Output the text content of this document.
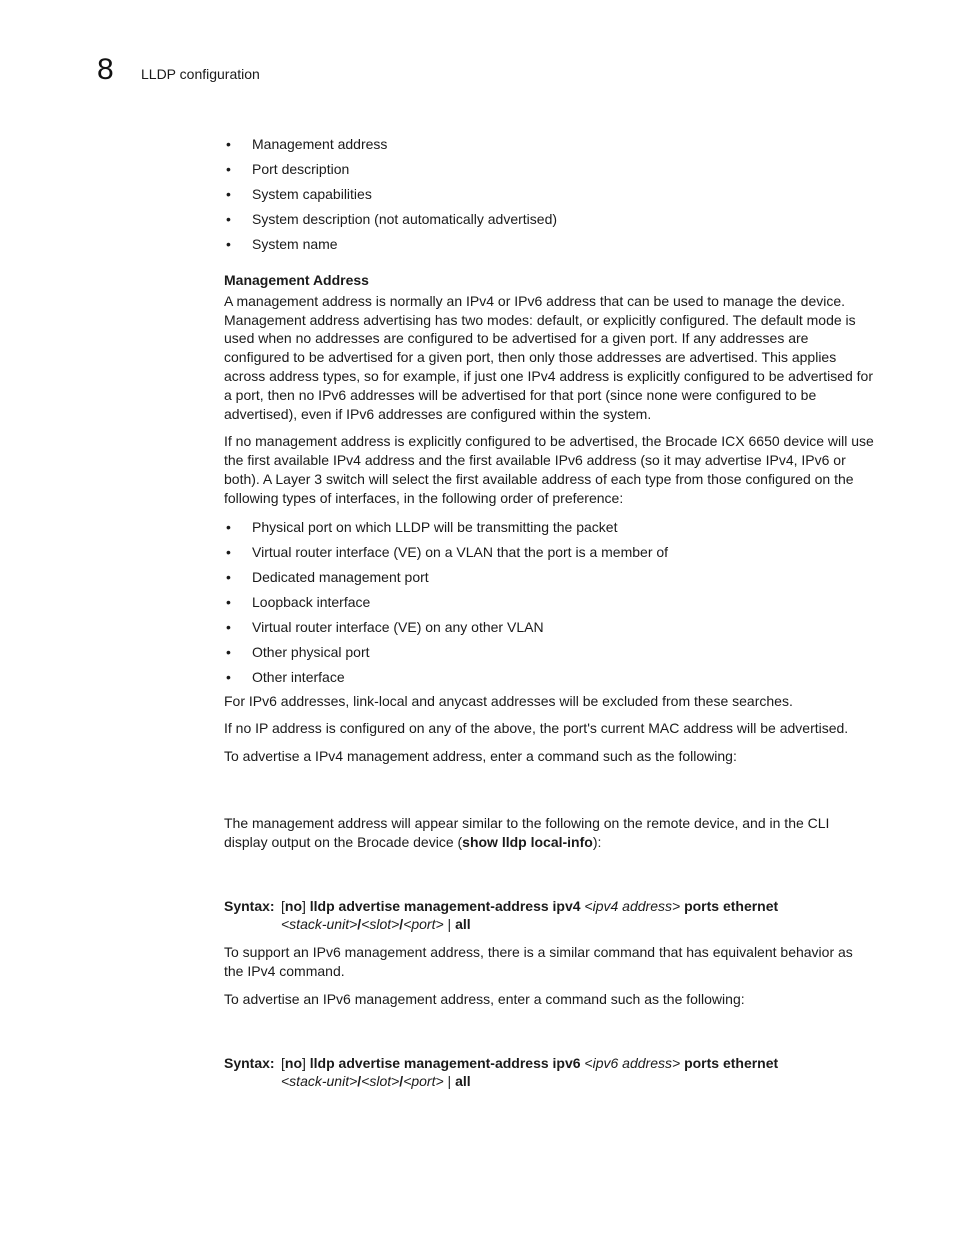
8 LLDP configuration
• Management address
• Port description
• System capabilities
• System description (not automatically advertised)
• System name
Management Address

A management address is normally an IPv4 or IPv6 address that can be used to manage the device. Management address advertising has two modes: default, or explicitly configured. The default mode is used when no addresses are configured to be advertised for a given port. If any addresses are configured to be advertised for a given port, then only those addresses are advertised. This applies across address types, so for example, if just one IPv4 address is explicitly configured to be advertised for a port, then no IPv6 addresses will be advertised for that port (since none were configured to be advertised), even if IPv6 addresses are configured within the system.

If no management address is explicitly configured to be advertised, the Brocade ICX 6650 device will use the first available IPv4 address and the first available IPv6 address (so it may advertise IPv4, IPv6 or both). A Layer 3 switch will select the first available address of each type from those configured on the following types of interfaces, in the following order of preference:

• Physical port on which LLDP will be transmitting the packet
• Virtual router interface (VE) on a VLAN that the port is a member of
• Dedicated management port
• Loopback interface
• Virtual router interface (VE) on any other VLAN
• Other physical port
• Other interface

For IPv6 addresses, link-local and anycast addresses will be excluded from these searches.

If no IP address is configured on any of the above, the port's current MAC address will be advertised.

To advertise a IPv4 management address, enter a command such as the following:

The management address will appear similar to the following on the remote device, and in the CLI display output on the Brocade device (show lldp local-info):

Syntax: [no] lldp advertise management-address ipv4 <ipv4 address> ports ethernet
<stack-unit>/<slot>/<port> | all

To support an IPv6 management address, there is a similar command that has equivalent behavior as the IPv4 command.

To advertise an IPv6 management address, enter a command such as the following:

Syntax: [no] lldp advertise management-address ipv6 <ipv6 address> ports ethernet
<stack-unit>/<slot>/<port> | all
